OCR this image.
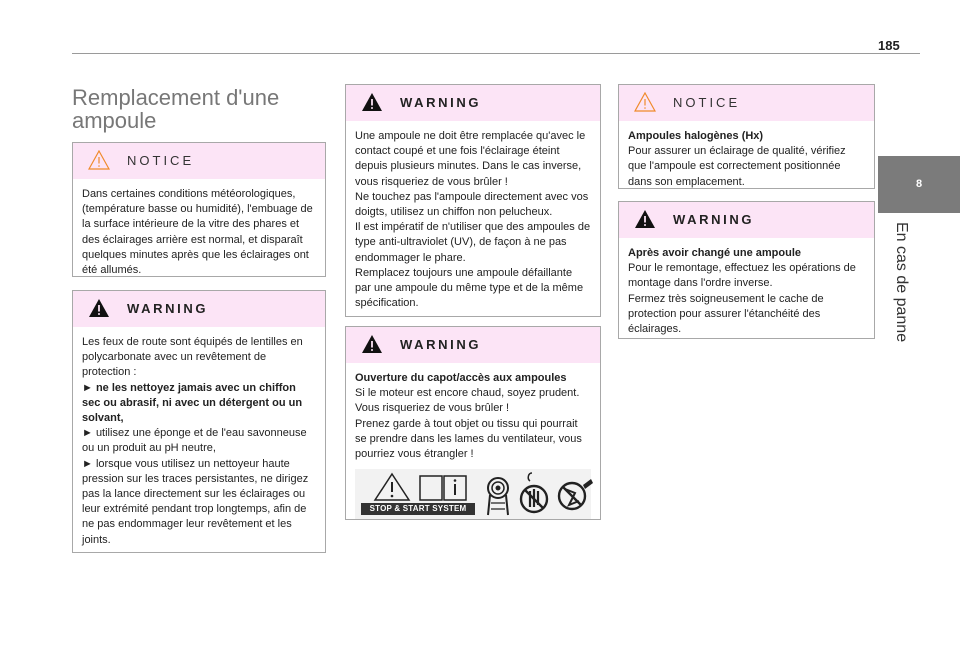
185
8
En cas de panne
Remplacement d'une ampoule
NOTICE

Dans certaines conditions météorologiques, (température basse ou humidité), l'embuage de la surface intérieure de la vitre des phares et des éclairages arrière est normal, et disparaît quelques minutes après que les éclairages ont été allumés.

WARNING

Les feux de route sont équipés de lentilles en polycarbonate avec un revêtement de protection :

► ne les nettoyez jamais avec un chiffon sec ou abrasif, ni avec un détergent ou un solvant,

► utilisez une éponge et de l'eau savonneuse ou un produit au pH neutre,

► lorsque vous utilisez un nettoyeur haute pression sur les traces persistantes, ne dirigez pas la lance directement sur les éclairages ou leur extrémité pendant trop longtemps, afin de ne pas endommager leur revêtement et les joints.

WARNING

Une ampoule ne doit être remplacée qu'avec le contact coupé et une fois l'éclairage éteint depuis plusieurs minutes. Dans le cas inverse, vous risqueriez de vous brûler !

Ne touchez pas l'ampoule directement avec vos doigts, utilisez un chiffon non pelucheux.

Il est impératif de n'utiliser que des ampoules de type anti-ultraviolet (UV), de façon à ne pas endommager le phare.

Remplacez toujours une ampoule défaillante par une ampoule du même type et de la même spécification.

WARNING

Ouverture du capot/accès aux ampoules

Si le moteur est encore chaud, soyez prudent. Vous risqueriez de vous brûler !

Prenez garde à tout objet ou tissu qui pourrait se prendre dans les lames du ventilateur, vous pourriez vous étrangler !

STOP & START SYSTEM
NOTICE

Ampoules halogènes (Hx)

Pour assurer un éclairage de qualité, vérifiez que l'ampoule est correctement positionnée dans son emplacement.

WARNING

Après avoir changé une ampoule

Pour le remontage, effectuez les opérations de montage dans l'ordre inverse.

Fermez très soigneusement le cache de protection pour assurer l'étanchéité des éclairages.
